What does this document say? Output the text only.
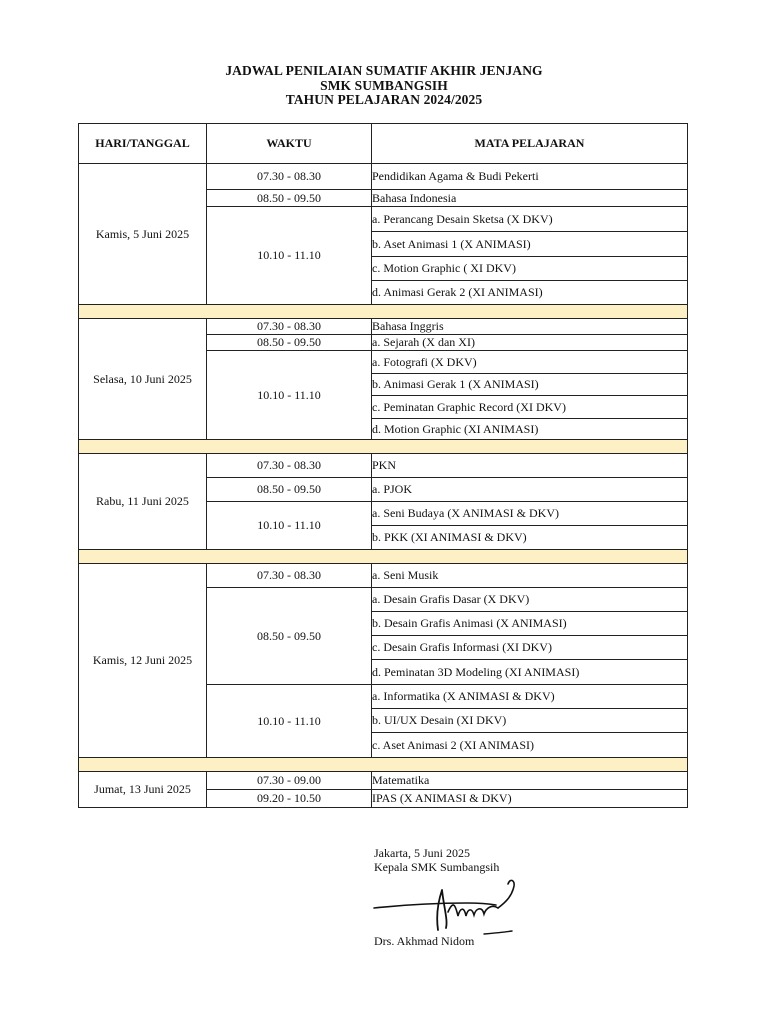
JADWAL PENILAIAN SUMATIF AKHIR JENJANG
SMK SUMBANGSIH
TAHUN PELAJARAN 2024/2025
HARI/TANGGAL	WAKTU	MATA PELAJARAN
Kamis, 5 Juni 2025	07.30 - 08.30	Pendidikan Agama & Budi Pekerti
	08.50 - 09.50	Bahasa Indonesia
	10.10 - 11.10	a. Perancang Desain Sketsa (X DKV)
		b. Aset Animasi 1 (X ANIMASI)
		c. Motion Graphic ( XI DKV)
		d. Animasi Gerak 2 (XI ANIMASI)

Selasa, 10 Juni 2025	07.30 - 08.30	Bahasa Inggris
	08.50 - 09.50	a. Sejarah (X dan XI)
	10.10 - 11.10	a. Fotografi (X DKV)
		b. Animasi Gerak 1 (X ANIMASI)
		c. Peminatan Graphic Record (XI DKV)
		d. Motion Graphic (XI ANIMASI)

Rabu, 11 Juni 2025	07.30 - 08.30	PKN
	08.50 - 09.50	a. PJOK
	10.10 - 11.10	a. Seni Budaya (X ANIMASI & DKV)
		b. PKK (XI ANIMASI & DKV)

Kamis, 12 Juni 2025	07.30 - 08.30	a. Seni Musik
	08.50 - 09.50	a. Desain Grafis Dasar (X DKV)
		b. Desain Grafis Animasi (X ANIMASI)
		c. Desain Grafis Informasi (XI DKV)
		d. Peminatan 3D Modeling (XI ANIMASI)
	10.10 - 11.10	a. Informatika (X ANIMASI & DKV)
		b. UI/UX Desain (XI DKV)
		c. Aset Animasi 2 (XI ANIMASI)

Jumat, 13 Juni 2025	07.30 - 09.00	Matematika
	09.20 - 10.50	IPAS (X ANIMASI & DKV)
Jakarta, 5 Juni 2025
Kepala SMK Sumbangsih
Drs. Akhmad Nidom
